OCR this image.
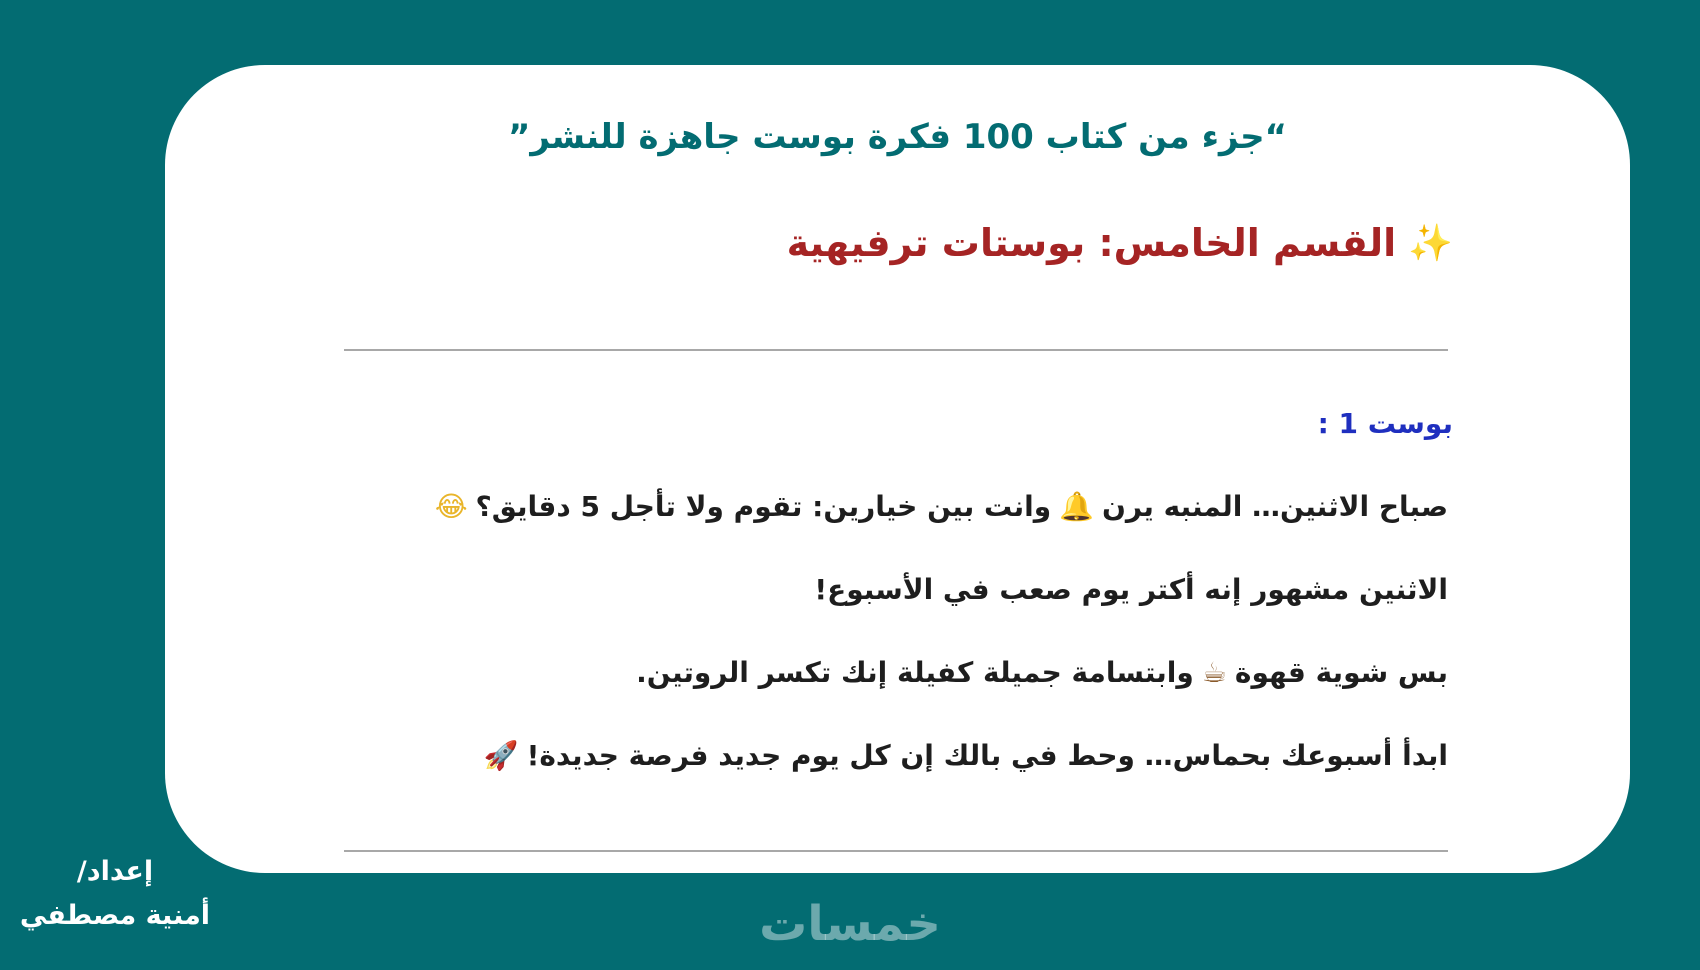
“جزء من كتاب 100 فكرة بوست جاهزة للنشر”
✨
القسم الخامس: بوستات ترفيهية
بوست 1 :
صباح الاثنين… المنبه يرن
🔔
وانت بين خيارين: تقوم ولا تأجل 5 دقايق؟
😂
الاثنين مشهور إنه أكتر يوم صعب في الأسبوع!
بس شوية قهوة
☕
وابتسامة جميلة كفيلة إنك تكسر الروتين.
ابدأ أسبوعك بحماس… وحط في بالك إن كل يوم جديد فرصة جديدة!
🚀
إعداد/
أمنية مصطفي	خمسات
